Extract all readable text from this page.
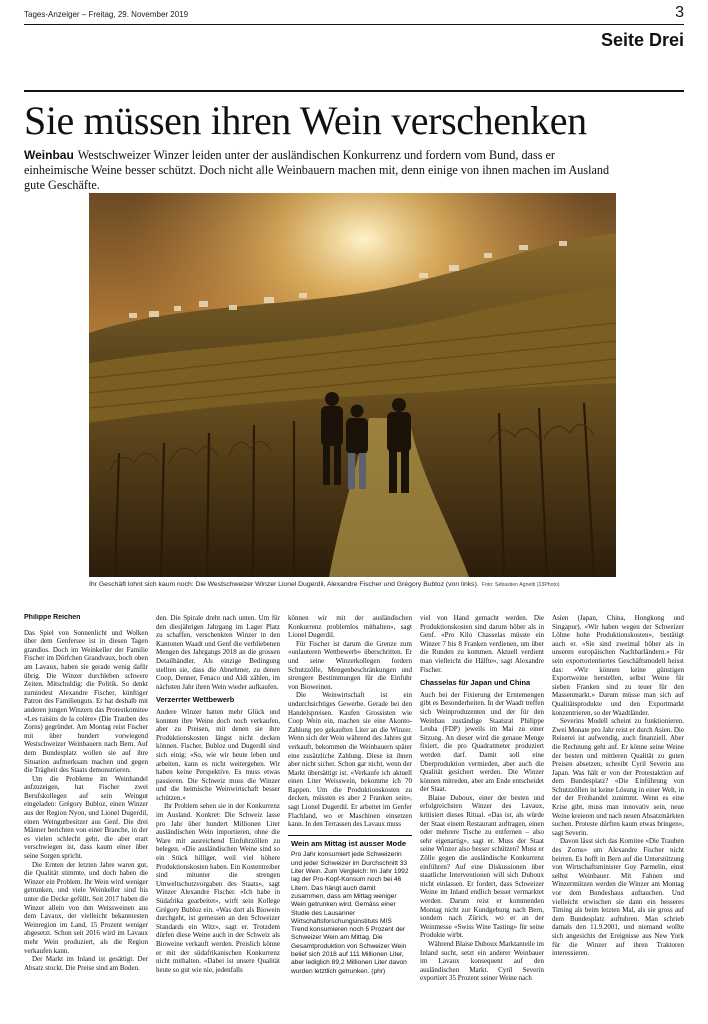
Tages-Anzeiger – Freitag, 29. November 2019	3
Seite Drei
Sie müssen ihren Wein verschenken
Weinbau Westschweizer Winzer leiden unter der ausländischen Konkurrenz und fordern vom Bund, dass er einheimische Weine besser schützt. Doch nicht alle Weinbauern machen mit, denn einige von ihnen machen im Ausland gute Geschäfte.
Ihr Geschäft lohnt sich kaum noch: Die Westschweizer Winzer Lionel Dugerdil, Alexandre Fischer und Grégory Bubloz (von links). Foto: Sébastien Agnetti (13Photo)
Philippe Reichen

Das Spiel von Sonnenlicht und Wolken über dem Genfersee ist in diesen Tagen grandios. Doch im Weinkeller der Familie Fischer im Dörfchen Grandvaux, hoch oben am Lavaux, haben sie gerade wenig dafür übrig. Die Winzer durchleben schwere Zeiten. Mitschuldig: die Politik. So denkt zumindest Alexandre Fischer, künftiger Patron des Familienguts. Er hat deshalb mit anderen jungen Winzern das Protestkomitee «Les raisins de la colère» (Die Trauben des Zorns) gegründet. Am Montag reist Fischer mit über hundert vorwiegend Westschweizer Weinbauern nach Bern. Auf dem Bundesplatz wollen sie auf ihre Situation aufmerksam machen und gegen die Trägheit des Staats demonstrieren.

Um die Probleme im Weinhandel aufzuzeigen, hat Fischer zwei Berufskollegen auf sein Weingut eingeladen: Grégory Bubloz, einen Winzer aus der Region Nyon, und Lionel Dugerdil, einen Weingutbesitzer aus Genf. Die drei Männer berichten von einer Branche, in der es vielen schlecht geht, die aber erart verschwiegen ist, dass kaum einer über seine Sorgen spricht.

Die Ernten der letzten Jahre waren gut, die Qualität stimmte, und doch haben die Winzer ein Problem. Ihr Wein wird weniger getrunken, und viele Weinkeller sind bis unter die Decke gefüllt. Seit 2017 haben die Winzer allein von den Weissweinen aus dem Lavaux, der vielleicht bekanntesten Weinregion im Land, 15 Prozent weniger abgesetzt. Schon seit 2016 wird im Lavaux mehr Wein produziert, als die Region verkaufen kann.

Der Markt im Inland ist gesättigt. Der Absatz stockt. Die Preise sind am Boden.

den. Die Spirale dreht nach unten. Um für den diesjährigen Jahrgang im Lager Platz zu schaffen, verschenkten Winzer in den Kantonen Waadt und Genf die verbliebenen Mengen des Jahrgangs 2018 an die grossen Detailhändler. Als einzige Bedingung stellten sie, dass die Abnehmer, zu denen Coop, Denner, Fenaco und Aldi zählen, im nächsten Jahr ihren Wein wieder aufkaufen.

Verzerrter Wettbewerb

Andere Winzer hatten mehr Glück und konnten ihre Weine doch noch verkaufen, aber zu Preisen, mit denen sie ihre Produktionskosten längst nicht decken können. Fischer, Bubloz und Dugerdil sind sich einig: «So, wie wir heute leben und arbeiten, kann es nicht weitergehen. Wir haben keine Perspektive. Es muss etwas passieren. Die Schweiz muss die Winzer und die heimische Weinwirtschaft besser schützen.»

Ihr Problem sehen sie in der Konkurrenz im Ausland. Konkret: Die Schweiz lasse pro Jahr über hundert Millionen Liter ausländischen Wein importieren, ohne die Ware mit ausreichend Einfuhrzöllen zu belegen. «Die ausländischen Weine sind so ein Stück billiger, weil viel höhere Produktionskosten haben. Ein Kostentreiber sind mitunter die strengen Umweltschutzvorgaben des Staats», sagt Winzer Alexandre Fischer. «Ich habe in Südafrika gearbeitet», wirft sein Kollege Grégory Bubloz ein. «Was dort als Biowein durchgeht, ist gemessen an den Schweizer Standards ein Witz», sagt er. Trotzdem dürfen diese Weine auch in der Schweiz als Bioweine verkauft werden. Preislich könne er mit der südafrikanischen Konkurrenz nicht mithalten. «Dabei ist unsere Qualität heute so gut wie nie, jedenfalls

können wir mit der ausländischen Konkurrenz problemlos mithalten», sagt Lionel Dugerdil.

Für Fischer ist darum die Grenze zum «unlauteren Wettbewerb» überschritten. Er und seine Winzerkollegen fordern Schutzzölle, Mengenbeschränkungen und strengere Bestimmungen für die Einfuhr von Bioweinen.

Die Weinwirtschaft ist ein undurchsichtiges Gewerbe. Gerade bei den Handelspreisen. Kaufen Grossisten wie Coop Wein ein, machen sie eine Akonto-Zahlung pro gekauften Liter an die Winzer. Wenn sich der Wein während des Jahres gut verkauft, bekommen die Weinbauern später eine zusätzliche Zahlung. Diese ist ihnen aber nicht sicher. Schon gar nicht, wenn der Markt übersättigt ist. «Verkaufe ich aktuell einen Liter Weisswein, bekomme ich 70 Rappen. Um die Produktionskosten zu decken, müssten es aber 2 Franken sein», sagt Lionel Dugerdil. Er arbeitet im Genfer Flachland, wo er Maschinen einsetzen kann. In den Terrassen des Lavaux muss

Wein am Mittag ist ausser Mode
Pro Jahr konsumiert jede Schweizerin und jeder Schweizer im Durchschnitt 33 Liter Wein. Zum Vergleich: Im Jahr 1992 lag der Pro-Kopf-Konsum noch bei 46 Litern. Das hängt auch damit zusammen, dass am Mittag weniger Wein getrunken wird. Gemäss einer Studie des Lausanner Wirtschaftsforschungsinstituts MIS Trend konsumieren noch 5 Prozent der Schweizer Wein am Mittag. Die Gesamtproduktion von Schweizer Wein belief sich 2018 auf 111 Millionen Liter, aber lediglich 89,2 Millionen Liter davon wurden letztlich getrunken. (phr)

viel von Hand gemacht werden. Die Produktionskosten sind darum höher als in Genf. «Pro Kilo Chasselas müsste ein Winzer 7 bis 8 Franken verdienen, um über die Runden zu kommen. Aktuell verdient man vielleicht die Hälfte», sagt Alexandre Fischer.

Chasselas für Japan und China

Auch bei der Fixierung der Erntemengen gibt es Besonderheiten. In der Waadt treffen sich Weinproduzenten und der für den Weinbau zuständige Staatsrat Philippe Leuba (FDP) jeweils im Mai zu einer Sitzung. An dieser wird die genaue Menge fixiert, die pro Quadratmeter produziert werden darf. Damit soll eine Überproduktion vermieden, aber auch die Qualität gesichert werden. Die Winzer können mitreden, aber am Ende entscheidet der Staat.

Blaise Duboux, einer der besten und erfolgreichsten Winzer des Lavaux, kritisiert dieses Ritual. «Das ist, als würde der Staat einem Restaurant auftragen, einen oder mehrere Tische zu entfernen – also sehr eigenartig», sagt er. Muss der Staat seine Winzer also besser schützen? Muss er Zölle gegen die ausländische Konkurrenz einführen? Auf eine Diskussionen über staatliche Interventionen will sich Duboux nicht einlassen. Er fordert, dass Schweizer Weine im Inland endlich besser vermarktet werden. Darum reist er kommenden Montag nicht zur Kundgebung nach Bern, sondern nach Zürich, wo er an der Weinmesse «Swiss Wine Tasting» für seine Produkte wirbt.

Während Blaise Duboux Marktanteile im Inland sucht, setzt ein anderer Weinbauer im Lavaux konsequent auf den ausländischen Markt. Cyril Severin exportiert 35 Prozent seiner Weine nach

Asien (Japan, China, Hongkong und Singapur). «Wir haben wegen der Schweizer Löhne hohe Produktionskosten», bestätigt auch er. «Sie sind zweimal höher als in unseren europäischen Nachbarländern.» Für sein exportorientiertes Geschäftsmodell heisst das: «Wir können keine günstigen Exportweine herstellen, selbst Weine für sieben Franken sind zu teuer für den Massenmarkt.» Darum müsse man sich auf Qualitätsprodukte und den Exportmarkt konzentrieren, so der Waadtländer.

Severins Modell scheint zu funktionieren. Zwei Monate pro Jahr reist er durch Asien. Die Reiserei ist aufwendig, auch finanziell. Aber die Rechnung geht auf. Er könne seine Weine der besten und mittleren Qualität zu guten Preisen absetzen, schreibt Cyril Severin aus Japan. Was hält er von der Protestaktion auf dem Bundesplatz? «Die Einführung von Schutzzöllen ist keine Lösung in einer Welt, in der der Freihandel zunimmt. Wenn es eine Krise gibt, muss man innovativ sein, neue Weine kreieren und nach neuen Absatzmärkten suchen. Proteste dürften kaum etwas bringen», sagt Severin.

Davon lässt sich das Komitee «Die Trauben des Zorns» um Alexandre Fischer nicht beirren. Es hofft in Bern auf die Unterstützung von Wirtschaftsminister Guy Parmelin, einst selbst Weinbauer. Mit Fahnen und Winzermützen werden die Winzer am Montag vor dem Bundeshaus auftauchen. Und vielleicht erwischen sie dann ein besseres Timing als beim letzten Mal, als sie gross auf dem Bundesplatz auftuhren. Man schrieb damals den 11.9.2001, und niemand wollte sich angesichts der Ereignisse aus New York für die Winzer auf ihren Traktoren interessieren.
